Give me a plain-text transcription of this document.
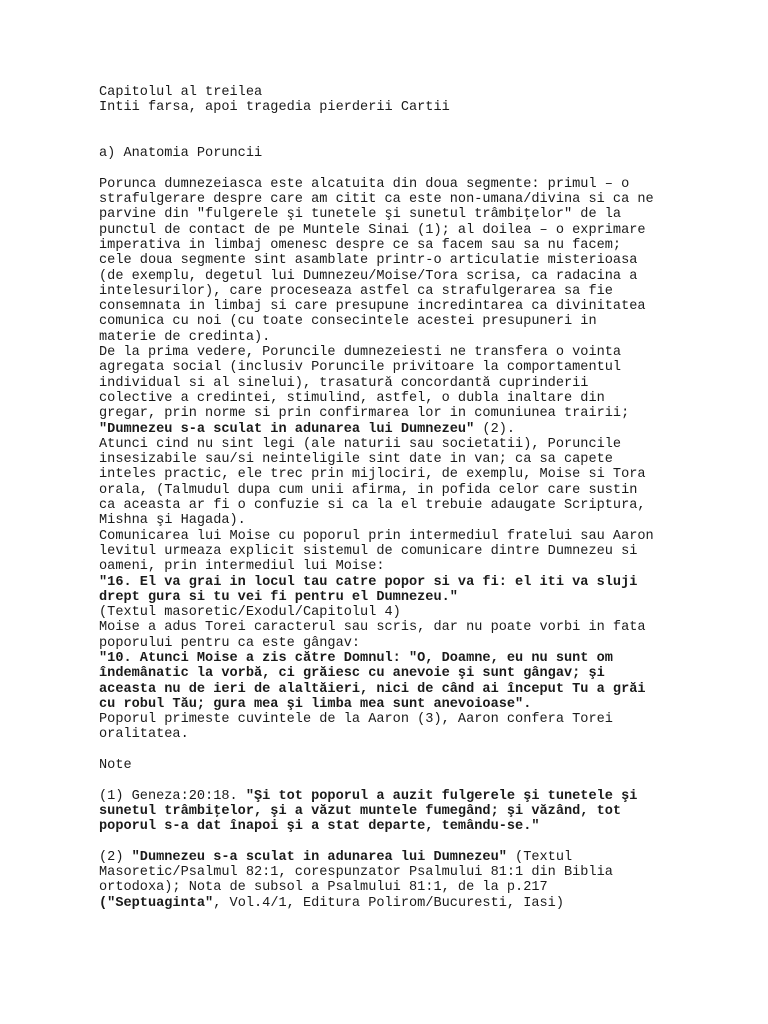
Capitolul al treilea
Intii farsa, apoi tragedia pierderii Cartii
a) Anatomia Poruncii
Porunca dumnezeiasca este alcatuita din doua segmente: primul – o
strafulgerare despre care am citit ca este non-umana/divina si ca ne
parvine din "fulgerele şi tunetele şi sunetul trâmbiţelor" de la
punctul de contact de pe Muntele Sinai (1); al doilea – o exprimare
imperativa in limbaj omenesc despre ce sa facem sau sa nu facem;
cele doua segmente sint asamblate printr-o articulatie misterioasa
(de exemplu, degetul lui Dumnezeu/Moise/Tora scrisa, ca radacina a
intelesurilor), care proceseaza astfel ca strafulgerarea sa fie
consemnata in limbaj si care presupune incredintarea ca divinitatea
comunica cu noi (cu toate consecintele acestei presupuneri in
materie de credinta).
De la prima vedere, Poruncile dumnezeiesti ne transfera o vointa
agregata social (inclusiv Poruncile privitoare la comportamentul
individual si al sinelui), trasatură concordantă cuprinderii
colective a credintei, stimulind, astfel, o dubla inaltare din
gregar, prin norme si prin confirmarea lor in comuniunea trairii;
"Dumnezeu s-a sculat in adunarea lui Dumnezeu" (2).
Atunci cind nu sint legi (ale naturii sau societatii), Poruncile
insesizabile sau/si neinteligile sint date in van; ca sa capete
inteles practic, ele trec prin mijlociri, de exemplu, Moise si Tora
orala, (Talmudul dupa cum unii afirma, in pofida celor care sustin
ca aceasta ar fi o confuzie si ca la el trebuie adaugate Scriptura,
Mishna şi Hagada).
Comunicarea lui Moise cu poporul prin intermediul fratelui sau Aaron
levitul urmeaza explicit sistemul de comunicare dintre Dumnezeu si
oameni, prin intermediul lui Moise:
"16. El va grai in locul tau catre popor si va fi: el iti va sluji
drept gura si tu vei fi pentru el Dumnezeu."
(Textul masoretic/Exodul/Capitolul 4)
Moise a adus Torei caracterul sau scris, dar nu poate vorbi in fata
poporului pentru ca este gângav:
"10. Atunci Moise a zis către Domnul: "O, Doamne, eu nu sunt om
îndemânatic la vorbă, ci grăiesc cu anevoie şi sunt gângav; şi
aceasta nu de ieri de alaltăieri, nici de când ai început Tu a grăi
cu robul Tău; gura mea şi limba mea sunt anevoioase".
Poporul primeste cuvintele de la Aaron (3), Aaron confera Torei
oralitatea.
Note
(1) Geneza:20:18. "Şi tot poporul a auzit fulgerele şi tunetele şi
sunetul trâmbiţelor, şi a văzut muntele fumegând; şi văzând, tot
poporul s-a dat înapoi şi a stat departe, temându-se."
(2) "Dumnezeu s-a sculat in adunarea lui Dumnezeu" (Textul
Masoretic/Psalmul 82:1, corespunzator Psalmului 81:1 din Biblia
ortodoxa); Nota de subsol a Psalmului 81:1, de la p.217
("Septuaginta", Vol.4/1, Editura Polirom/Bucuresti, Iasi)
